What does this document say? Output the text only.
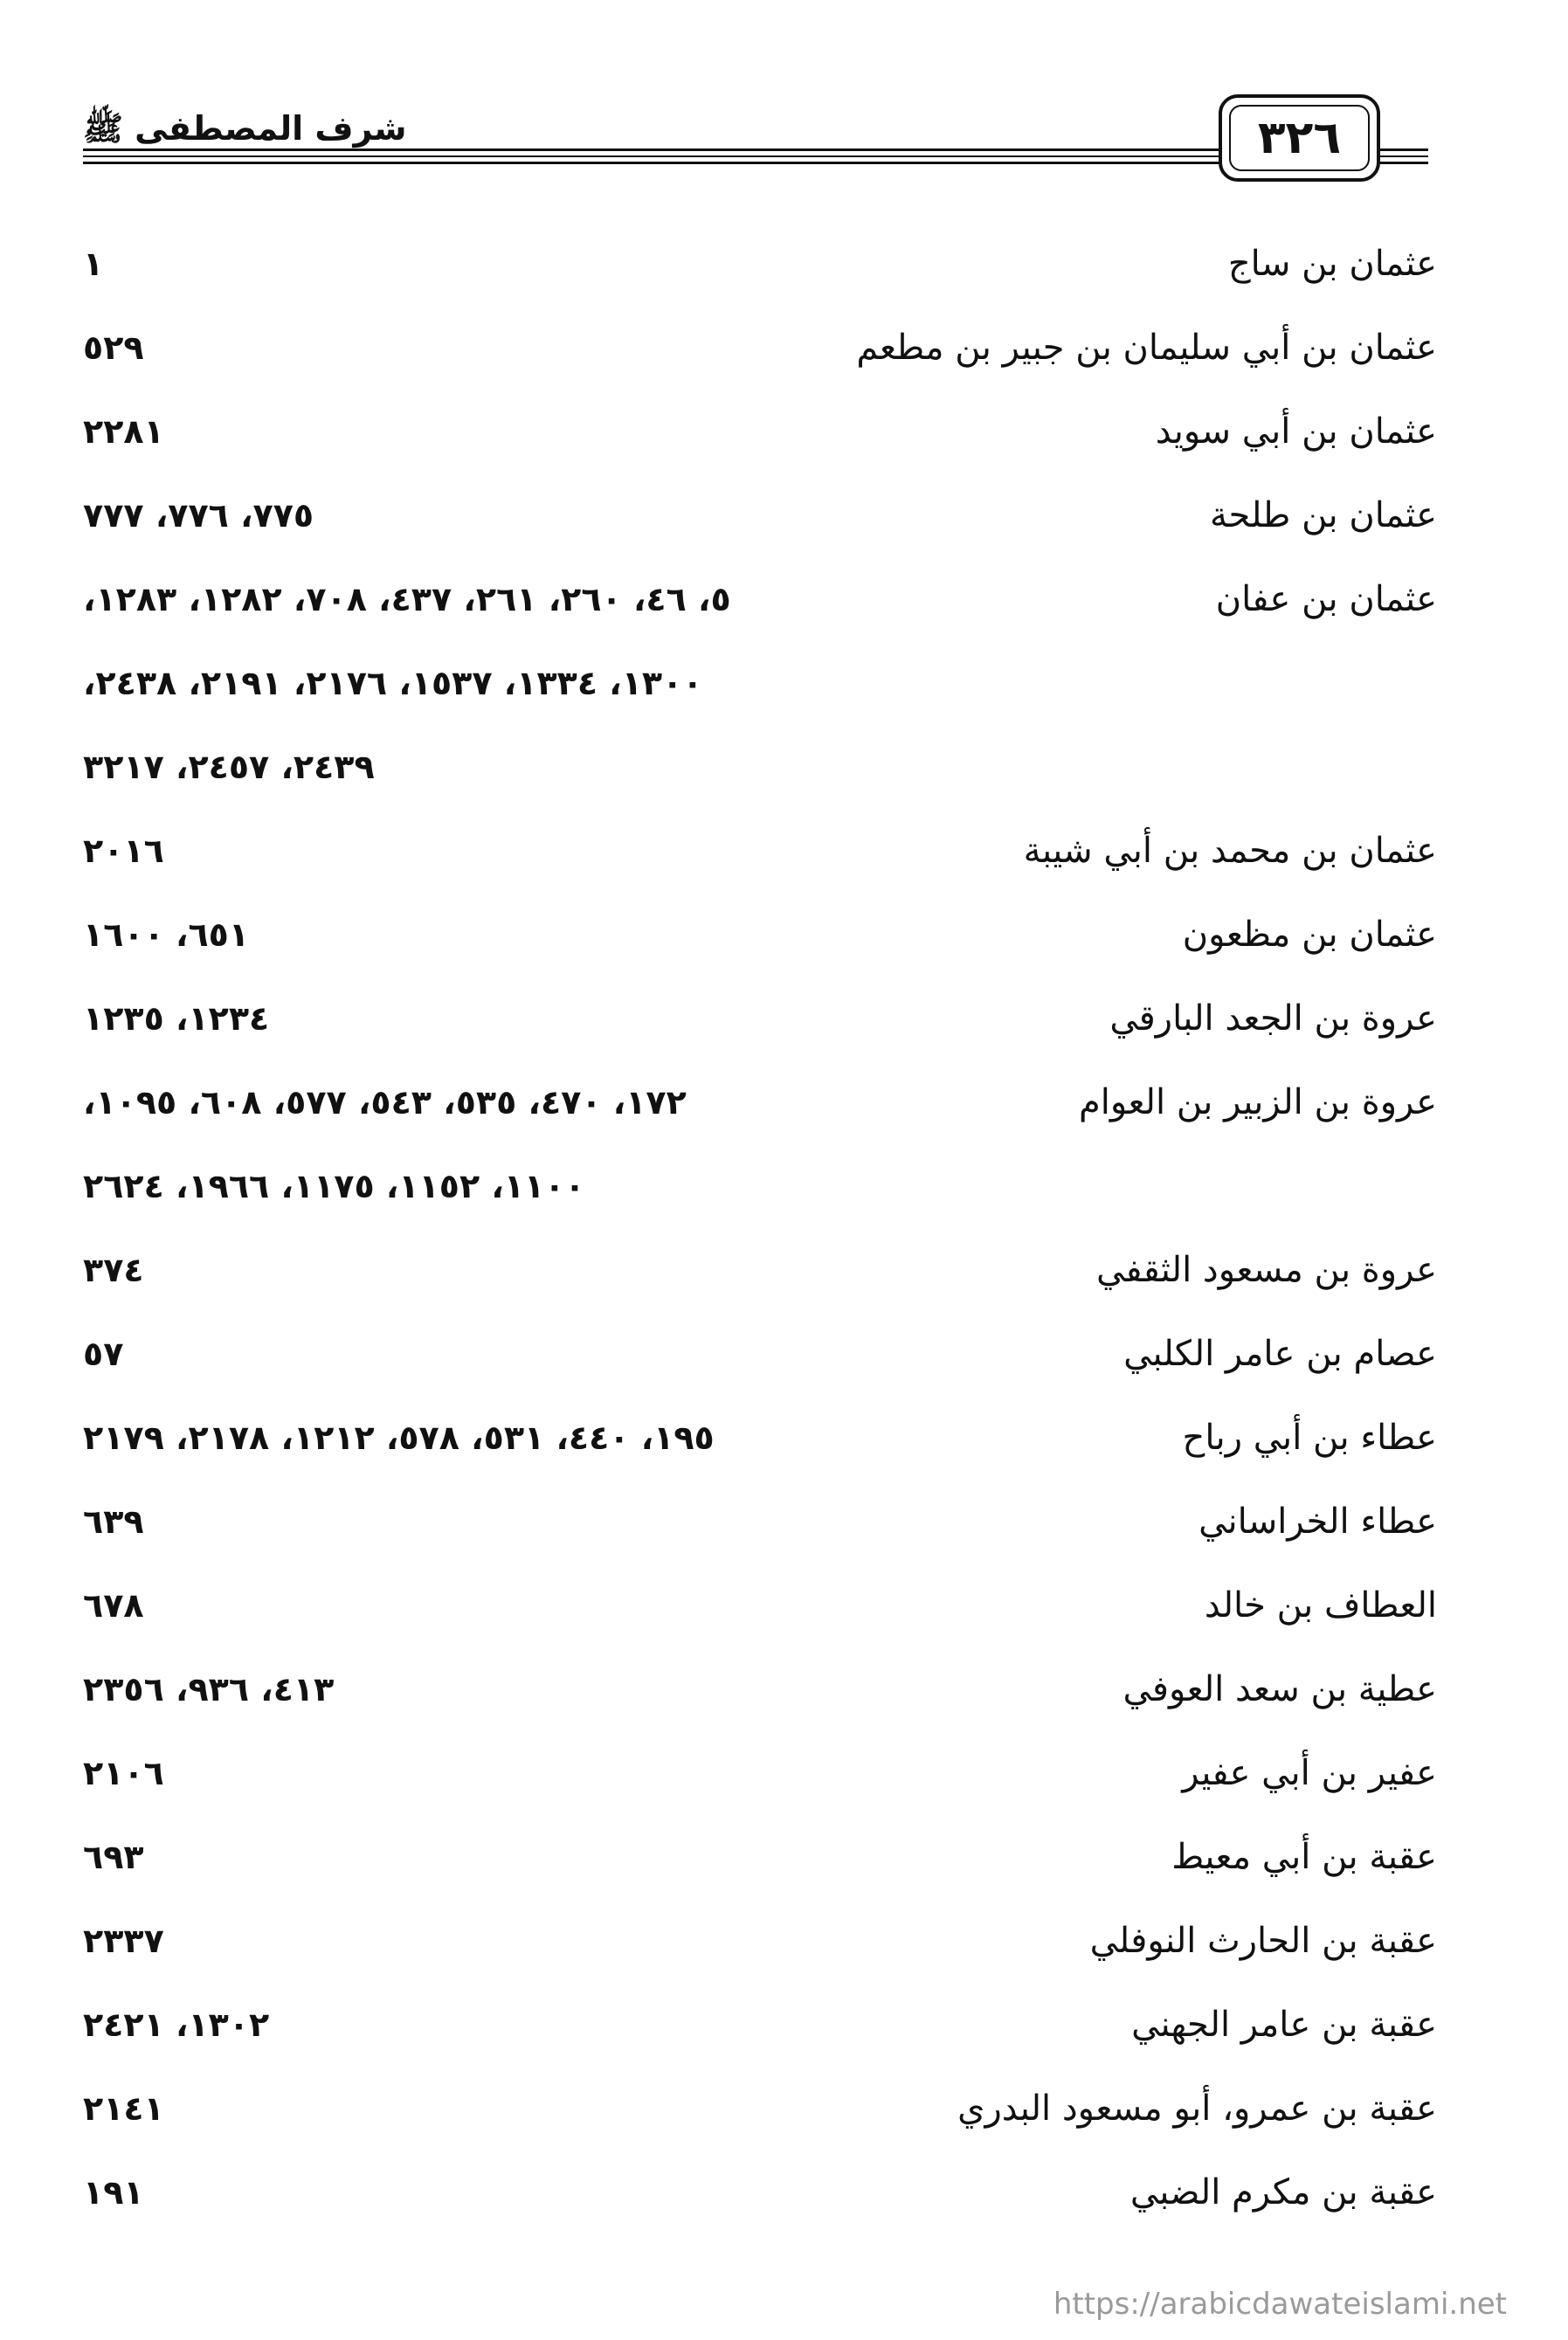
شرف المصطفى ﷺ	٣٢٦
عثمان بن ساج
١
عثمان بن أبي سليمان بن جبير بن مطعم
٥٢٩
عثمان بن أبي سويد
٢٢٨١
عثمان بن طلحة
٧٧٥، ٧٧٦، ٧٧٧
عثمان بن عفان
٥، ٤٦، ٢٦٠، ٢٦١، ٤٣٧، ٧٠٨، ١٢٨٢، ١٢٨٣،
١٣٠٠، ١٣٣٤، ١٥٣٧، ٢١٧٦، ٢١٩١، ٢٤٣٨،
٢٤٣٩، ٢٤٥٧، ٣٢١٧
عثمان بن محمد بن أبي شيبة
٢٠١٦
عثمان بن مظعون
٦٥١، ١٦٠٠
عروة بن الجعد البارقي
١٢٣٤، ١٢٣٥
عروة بن الزبير بن العوام
١٧٢، ٤٧٠، ٥٣٥، ٥٤٣، ٥٧٧، ٦٠٨، ١٠٩٥،
١١٠٠، ١١٥٢، ١١٧٥، ١٩٦٦، ٢٦٢٤
عروة بن مسعود الثقفي
٣٧٤
عصام بن عامر الكلبي
٥٧
عطاء بن أبي رباح
١٩٥، ٤٤٠، ٥٣١، ٥٧٨، ١٢١٢، ٢١٧٨، ٢١٧٩
عطاء الخراساني
٦٣٩
العطاف بن خالد
٦٧٨
عطية بن سعد العوفي
٤١٣، ٩٣٦، ٢٣٥٦
عفير بن أبي عفير
٢١٠٦
عقبة بن أبي معيط
٦٩٣
عقبة بن الحارث النوفلي
٢٣٣٧
عقبة بن عامر الجهني
١٣٠٢، ٢٤٢١
عقبة بن عمرو، أبو مسعود البدري
٢١٤١
عقبة بن مكرم الضبي
١٩١
https://arabicdawateislami.net
